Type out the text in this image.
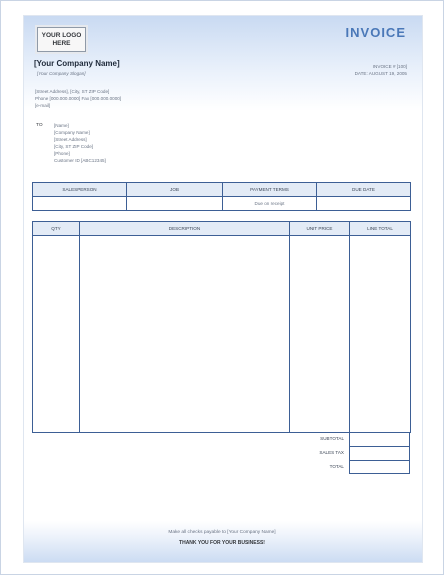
YOUR LOGO
HERE
INVOICE
[Your Company Name]
[Your Company Slogan]
INVOICE # [100]
DATE: AUGUST 19, 2005
[Street Address], [City, ST ZIP Code]
Phone [000.000.0000] Fax [000.000.0000]
[e-mail]
TO [Name]
[Company Name]
[Street Address]
[City, ST ZIP Code]
[Phone]
Customer ID [ABC12345]
SALESPERSON	JOB	PAYMENT TERMS	DUE DATE
		Due on receipt	
QTY	DESCRIPTION	UNIT PRICE	LINE TOTAL

SUBTOTAL
SALES TAX
TOTAL
Make all checks payable to [Your Company Name]
THANK YOU FOR YOUR BUSINESS!
